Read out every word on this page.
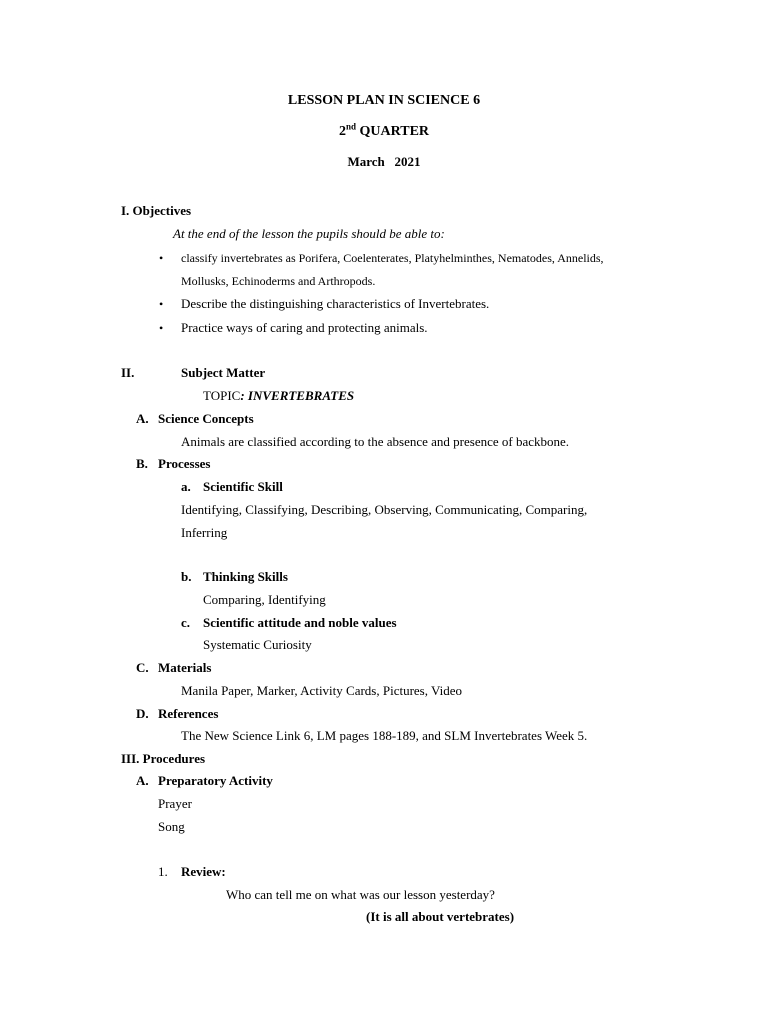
LESSON PLAN IN SCIENCE 6
2nd QUARTER
March   2021
I. Objectives
At the end of the lesson the pupils should be able to:
• classify invertebrates as Porifera, Coelenterates, Platyhelminthes, Nematodes, Annelids,
Mollusks, Echinoderms and Arthropods.
• Describe the distinguishing characteristics of Invertebrates.
• Practice ways of caring and protecting animals.
II.	Subject Matter
TOPIC: INVERTEBRATES
A. Science Concepts
Animals are classified according to the absence and presence of backbone.
B. Processes
a. Scientific Skill
Identifying, Classifying, Describing, Observing, Communicating, Comparing,
Inferring
b. Thinking Skills
Comparing, Identifying
c. Scientific attitude and noble values
Systematic Curiosity
C. Materials
Manila Paper, Marker, Activity Cards, Pictures, Video
D. References
The New Science Link 6, LM pages 188-189, and SLM Invertebrates Week 5.
III. Procedures
A. Preparatory Activity
Prayer
Song
1. Review:
Who can tell me on what was our lesson yesterday?
(It is all about vertebrates)
